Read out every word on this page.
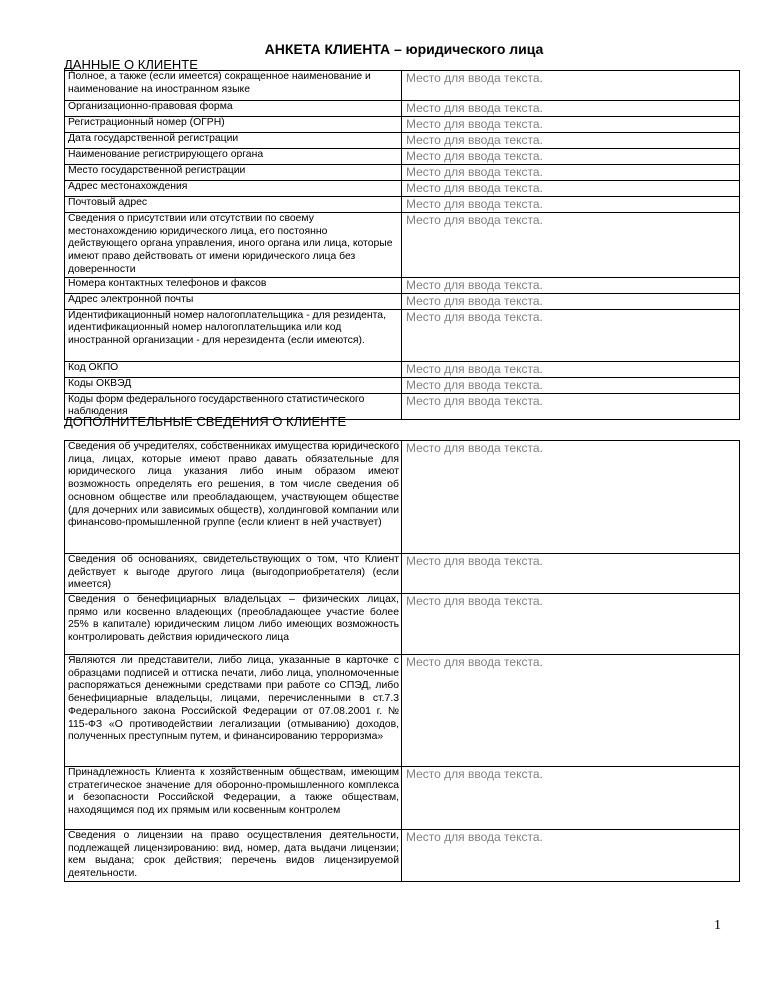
АНКЕТА КЛИЕНТА – юридического лица
ДАННЫЕ О КЛИЕНТЕ
Полное, а также (если имеется) сокращенное наименование и наименование на иностранном языке	Место для ввода текста.
Организационно-правовая форма	Место для ввода текста.
Регистрационный номер (ОГРН)	Место для ввода текста.
Дата государственной регистрации	Место для ввода текста.
Наименование регистрирующего органа	Место для ввода текста.
Место государственной регистрации	Место для ввода текста.
Адрес местонахождения	Место для ввода текста.
Почтовый адрес	Место для ввода текста.
Сведения о присутствии или отсутствии по своему местонахождению юридического лица, его постоянно действующего органа управления, иного органа или лица, которые имеют право действовать от имени юридического лица без доверенности	Место для ввода текста.
Номера контактных телефонов и факсов	Место для ввода текста.
Адрес электронной почты	Место для ввода текста.
Идентификационный номер налогоплательщика - для резидента, идентификационный номер налогоплательщика или код иностранной организации - для нерезидента (если имеются).	Место для ввода текста.
Код ОКПО	Место для ввода текста.
Коды ОКВЭД	Место для ввода текста.
Коды форм федерального государственного статистического наблюдения	Место для ввода текста.
ДОПОЛНИТЕЛЬНЫЕ СВЕДЕНИЯ О КЛИЕНТЕ
Сведения об учредителях, собственниках имущества юридического лица, лицах, которые имеют право давать обязательные для юридического лица указания либо иным образом имеют возможность определять его решения, в том числе сведения об основном обществе или преобладающем, участвующем обществе (для дочерних или зависимых обществ), холдинговой компании или финансово-промышленной группе (если клиент в ней участвует)	Место для ввода текста.
Сведения об основаниях, свидетельствующих о том, что Клиент действует к выгоде другого лица (выгодоприобретателя) (если имеется)	Место для ввода текста.
Сведения о бенефициарных владельцах – физических лицах, прямо или косвенно владеющих (преобладающее участие более 25% в капитале) юридическим лицом либо имеющих возможность контролировать действия юридического лица	Место для ввода текста.
Являются ли представители, либо лица, указанные в карточке с образцами подписей и оттиска печати, либо лица, уполномоченные распоряжаться денежными средствами при работе со СПЭД, либо бенефициарные владельцы, лицами, перечисленными в ст.7.3 Федерального закона Российской Федерации от 07.08.2001 г. № 115-ФЗ «О противодействии легализации (отмыванию) доходов, полученных преступным путем, и финансированию терроризма»	Место для ввода текста.
Принадлежность Клиента к хозяйственным обществам, имеющим стратегическое значение для оборонно-промышленного комплекса и безопасности Российской Федерации, а также обществам, находящимся под их прямым или косвенным контролем	Место для ввода текста.
Сведения о лицензии на право осуществления деятельности, подлежащей лицензированию: вид, номер, дата выдачи лицензии; кем выдана; срок действия; перечень видов лицензируемой деятельности.	Место для ввода текста.
1
